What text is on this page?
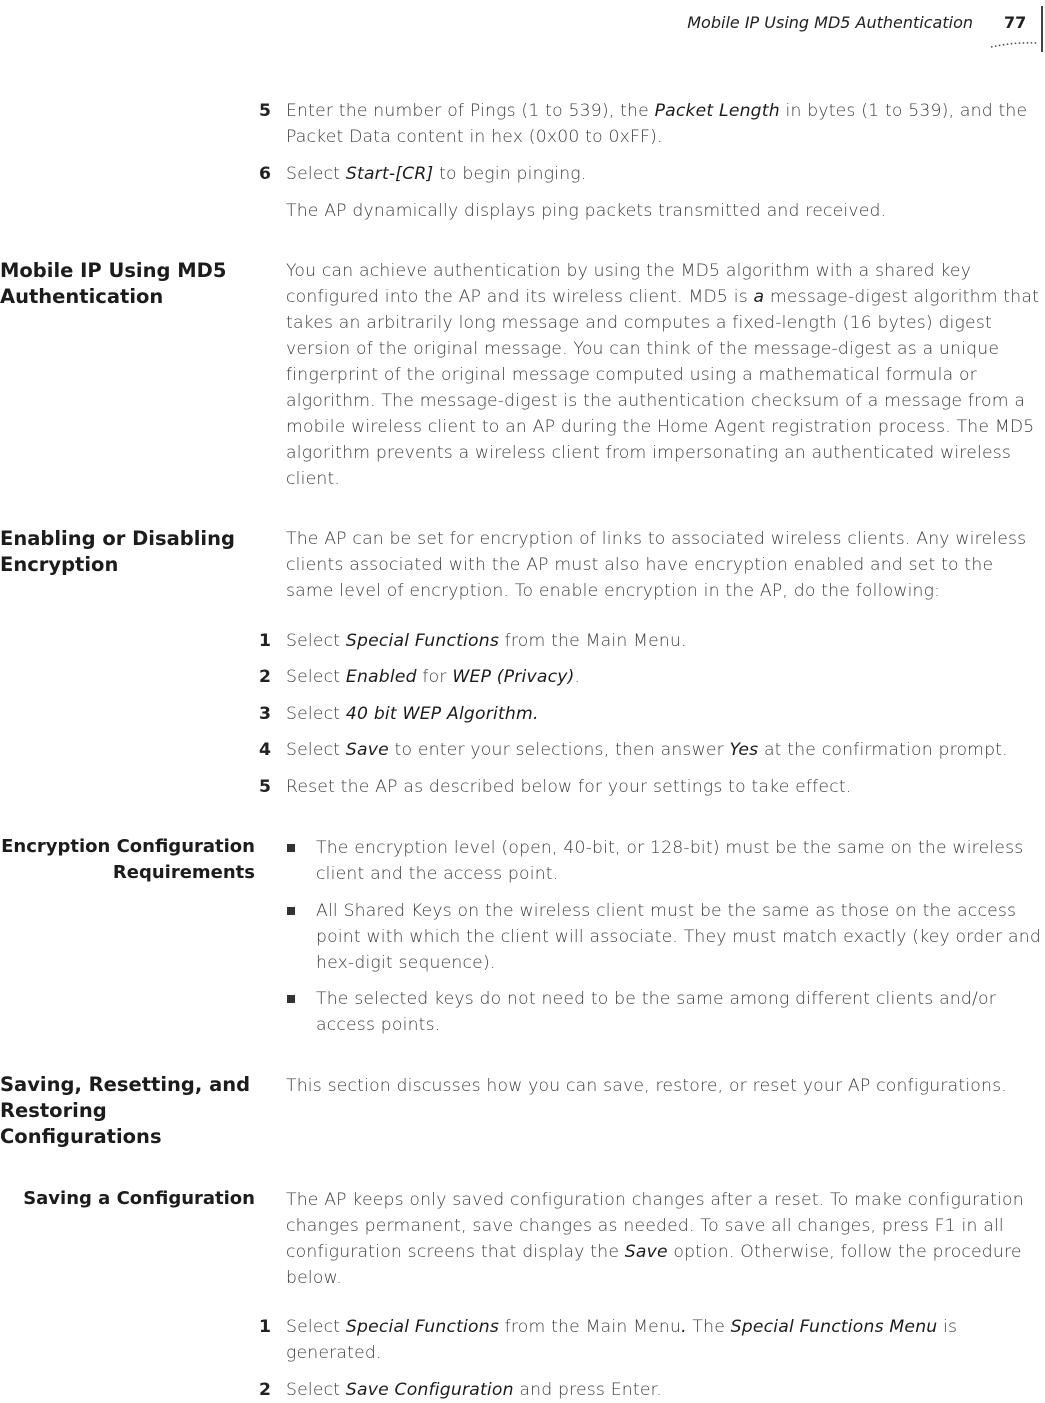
Mobile IP Using MD5 Authentication 77
5 Enter the number of Pings (1 to 539), the Packet Length in bytes (1 to 539), and the Packet Data content in hex (0x00 to 0xFF).
6 Select Start-[CR] to begin pinging.

The AP dynamically displays ping packets transmitted and received.

Mobile IP Using MD5 Authentication

You can achieve authentication by using the MD5 algorithm with a shared key configured into the AP and its wireless client. MD5 is a message-digest algorithm that takes an arbitrarily long message and computes a fixed-length (16 bytes) digest version of the original message. You can think of the message-digest as a unique fingerprint of the original message computed using a mathematical formula or algorithm. The message-digest is the authentication checksum of a message from a mobile wireless client to an AP during the Home Agent registration process. The MD5 algorithm prevents a wireless client from impersonating an authenticated wireless client.

Enabling or Disabling Encryption

The AP can be set for encryption of links to associated wireless clients. Any wireless clients associated with the AP must also have encryption enabled and set to the same level of encryption. To enable encryption in the AP, do the following:

1 Select Special Functions from the Main Menu.
2 Select Enabled for WEP (Privacy).
3 Select 40 bit WEP Algorithm.
4 Select Save to enter your selections, then answer Yes at the confirmation prompt.
5 Reset the AP as described below for your settings to take effect.
Encryption Configuration Requirements
The encryption level (open, 40-bit, or 128-bit) must be the same on the wireless client and the access point.
All Shared Keys on the wireless client must be the same as those on the access point with which the client will associate. They must match exactly (key order and hex-digit sequence).
The selected keys do not need to be the same among different clients and/or access points.
Saving, Resetting, and Restoring Configurations

This section discusses how you can save, restore, or reset your AP configurations.

Saving a Configuration The AP keeps only saved configuration changes after a reset. To make configuration changes permanent, save changes as needed. To save all changes, press F1 in all configuration screens that display the Save option. Otherwise, follow the procedure below.

1 Select Special Functions from the Main Menu. The Special Functions Menu is generated.
2 Select Save Configuration and press Enter.
